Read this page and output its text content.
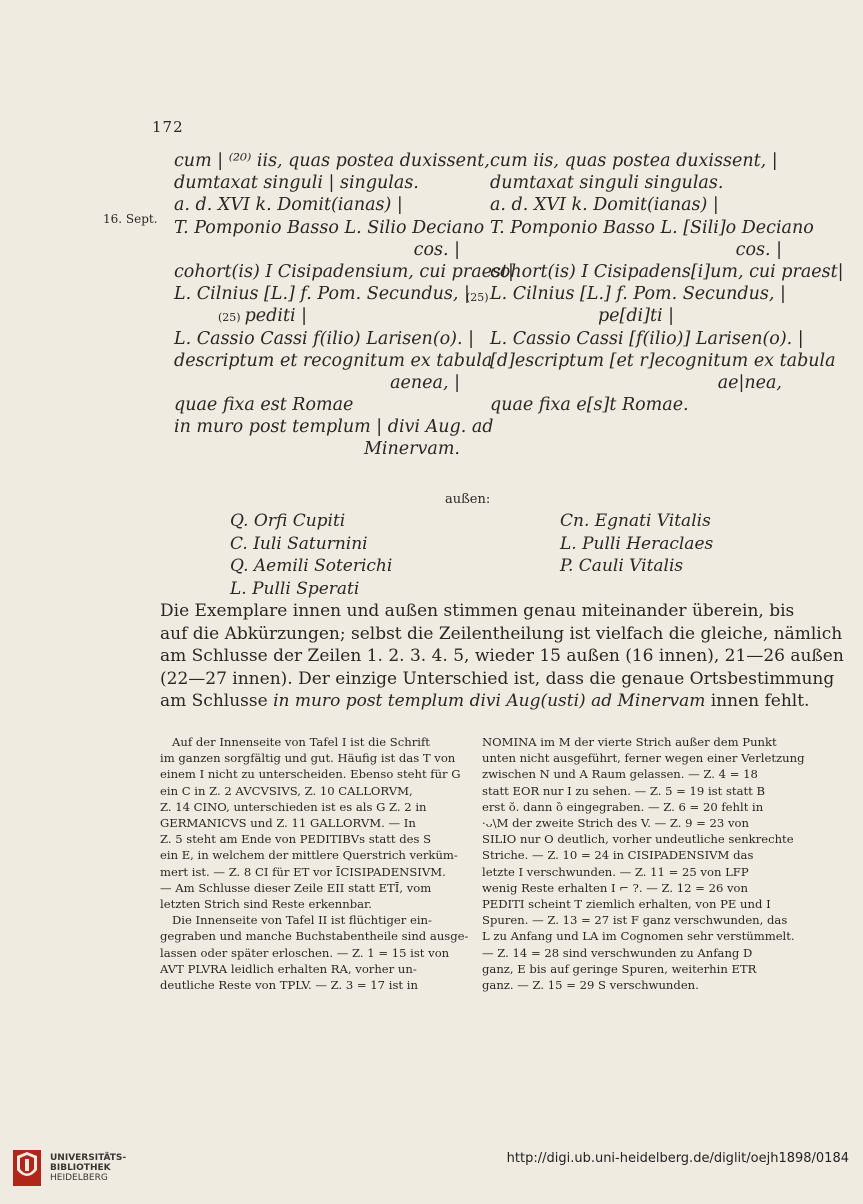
172
16. Sept.
cum | ⁽²⁰⁾ iis, quas postea duxissent,
dumtaxat singuli | singulas.
a. d. XVI k. Domit(ianas) |
T. Pomponio Basso L. Silio Deciano
cos. |
cohort(is) I Cisipadensium, cui praest|
L. Cilnius [L.] f. Pom. Secundus, |
(25) pediti |
L. Cassio Cassi f(ilio) Larisen(o). |
descriptum et recognitum ex tabula
aenea, |
quae fixa est Romae
in muro post templum | divi Aug. ad
Minervam.
cum iis, quas postea duxissent, |
dumtaxat singuli singulas.
a. d. XVI k. Domit(ianas) |
T. Pomponio Basso L. [Sili]o Deciano
cos. |
cohort(is) I Cisipadens[i]um, cui praest|
(25) L. Cilnius [L.] f. Pom. Secundus, |
pe[di]ti |
L. Cassio Cassi [f(ilio)] Larisen(o). |
[d]escriptum [et r]ecognitum ex tabula
ae|nea,
quae fixa e[s]t Romae.
außen:
Q. Orfi Cupiti
C. Iuli Saturnini
Q. Aemili Soterichi
L. Pulli Sperati
Cn. Egnati Vitalis
L. Pulli Heraclaes
P. Cauli Vitalis
Die Exemplare innen und außen stimmen genau miteinander überein, bis
auf die Abkürzungen; selbst die Zeilentheilung ist vielfach die gleiche, nämlich
am Schlusse der Zeilen 1. 2. 3. 4. 5, wieder 15 außen (16 innen), 21—26 außen
(22—27 innen). Der einzige Unterschied ist, dass die genaue Ortsbestimmung
am Schlusse in muro post templum divi Aug(usti) ad Minervam innen fehlt.
Auf der Innenseite von Tafel I ist die Schrift
im ganzen sorgfältig und gut. Häufig ist das T von
einem I nicht zu unterscheiden. Ebenso steht für G
ein C in Z. 2 AVCVSIVS, Z. 10 CALLORVM,
Z. 14 CINO, unterschieden ist es als G Z. 2 in
GERMANICVS und Z. 11 GALLORVM. — In
Z. 5 steht am Ende von PEDITIBVs statt des S
ein E, in welchem der mittlere Querstrich verküm-
mert ist. — Z. 8 CI für ET vor ĪCISIPADENSIVM.
— Am Schlusse dieser Zeile EII statt ETĪ, vom
letzten Strich sind Reste erkennbar.
Die Innenseite von Tafel II ist flüchtiger ein-
gegraben und manche Buchstabentheile sind ausge-
lassen oder später erloschen. — Z. 1 = 15 ist von
AVT PLVRA leidlich erhalten RA, vorher un-
deutliche Reste von TPLV. — Z. 3 = 17 ist in
NOMINA im M der vierte Strich außer dem Punkt
unten nicht ausgeführt, ferner wegen einer Verletzung
zwischen N und A Raum gelassen. — Z. 4 = 18
statt EOR nur I zu sehen. — Z. 5 = 19 ist statt B
erst ŏ. dann ȍ eingegraben. — Z. 6 = 20 fehlt in
·ᴗ\M der zweite Strich des V. — Z. 9 = 23 von
SILIO nur O deutlich, vorher undeutliche senkrechte
Striche. — Z. 10 = 24 in CISIPADENSIVM das
letzte I verschwunden. — Z. 11 = 25 von LFP
wenig Reste erhalten I ⌐ ?. — Z. 12 = 26 von
PEDITI scheint T ziemlich erhalten, von PE und I
Spuren. — Z. 13 = 27 ist F ganz verschwunden, das
L zu Anfang und LA im Cognomen sehr verstümmelt.
— Z. 14 = 28 sind verschwunden zu Anfang D
ganz, E bis auf geringe Spuren, weiterhin ETR
ganz. — Z. 15 = 29 S verschwunden.
UNIVERSITÄTS-
BIBLIOTHEK
HEIDELBERG
http://digi.ub.uni-heidelberg.de/diglit/oejh1898/0184
